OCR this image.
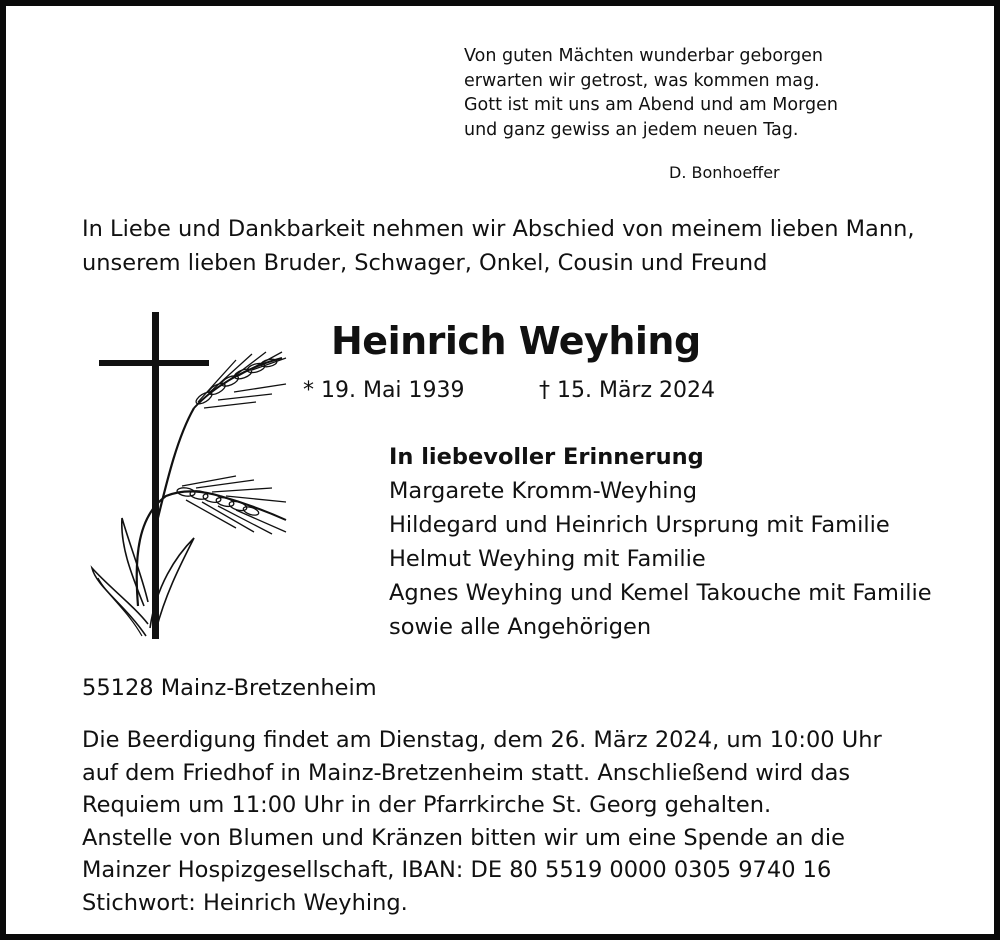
Von guten Mächten wunderbar geborgen
erwarten wir getrost, was kommen mag.
Gott ist mit uns am Abend und am Morgen
und ganz gewiss an jedem neuen Tag.
D. Bonhoeffer
In Liebe und Dankbarkeit nehmen wir Abschied von meinem lieben Mann,
unserem lieben Bruder, Schwager, Onkel, Cousin und Freund
Heinrich Weyhing
* 19. Mai 1939	† 15. März 2024
In liebevoller Erinnerung
Margarete Kromm-Weyhing
Hildegard und Heinrich Ursprung mit Familie
Helmut Weyhing mit Familie
Agnes Weyhing und Kemel Takouche mit Familie
sowie alle Angehörigen
55128 Mainz-Bretzenheim
Die Beerdigung findet am Dienstag, dem 26. März 2024, um 10:00 Uhr
auf dem Friedhof in Mainz-Bretzenheim statt. Anschließend wird das
Requiem um 11:00 Uhr in der Pfarrkirche St. Georg gehalten.
Anstelle von Blumen und Kränzen bitten wir um eine Spende an die
Mainzer Hospizgesellschaft, IBAN: DE 80 5519 0000 0305 9740 16
Stichwort: Heinrich Weyhing.
